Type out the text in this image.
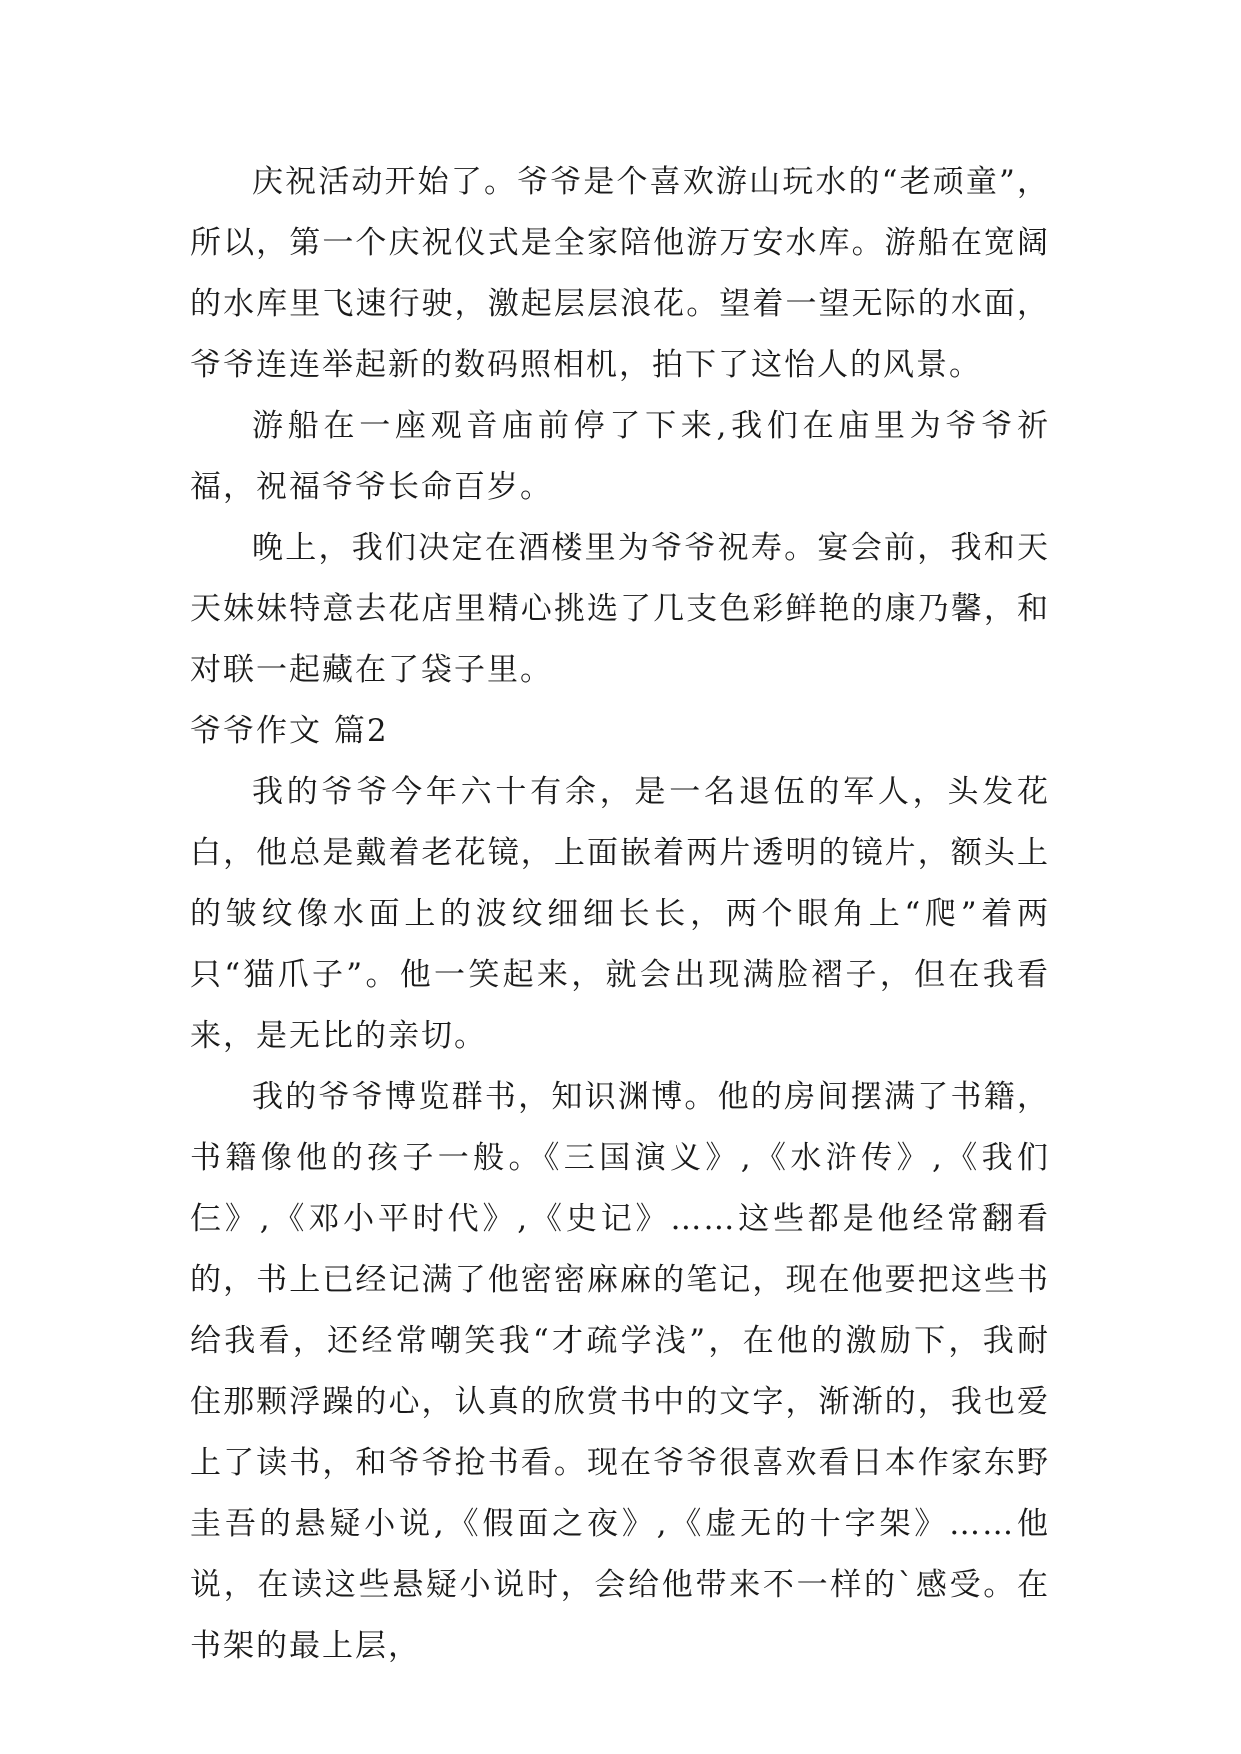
庆祝活动开始了。爷爷是个喜欢游山玩水的“老顽童”，所以，第一个庆祝仪式是全家陪他游万安水库。游船在宽阔的水库里飞速行驶，激起层层浪花。望着一望无际的水面，爷爷连连举起新的数码照相机，拍下了这怡人的风景。

游船在一座观音庙前停了下来,我们在庙里为爷爷祈福，祝福爷爷长命百岁。

晚上，我们决定在酒楼里为爷爷祝寿。宴会前，我和天天妹妹特意去花店里精心挑选了几支色彩鲜艳的康乃馨，和对联一起藏在了袋子里。

爷爷作文 篇2

我的爷爷今年六十有余，是一名退伍的军人，头发花白，他总是戴着老花镜，上面嵌着两片透明的镜片，额头上的皱纹像水面上的波纹细细长长，两个眼角上“爬”着两只“猫爪子”。他一笑起来，就会出现满脸褶子，但在我看来，是无比的亲切。

我的爷爷博览群书，知识渊博。他的房间摆满了书籍，书籍像他的孩子一般。《三国演义》,《水浒传》,《我们仨》,《邓小平时代》,《史记》……这些都是他经常翻看的，书上已经记满了他密密麻麻的笔记，现在他要把这些书给我看，还经常嘲笑我“才疏学浅”，在他的激励下，我耐住那颗浮躁的心，认真的欣赏书中的文字，渐渐的，我也爱上了读书，和爷爷抢书看。现在爷爷很喜欢看日本作家东野圭吾的悬疑小说,《假面之夜》,《虚无的十字架》……他说，在读这些悬疑小说时，会给他带来不一样的`感受。在书架的最上层，
